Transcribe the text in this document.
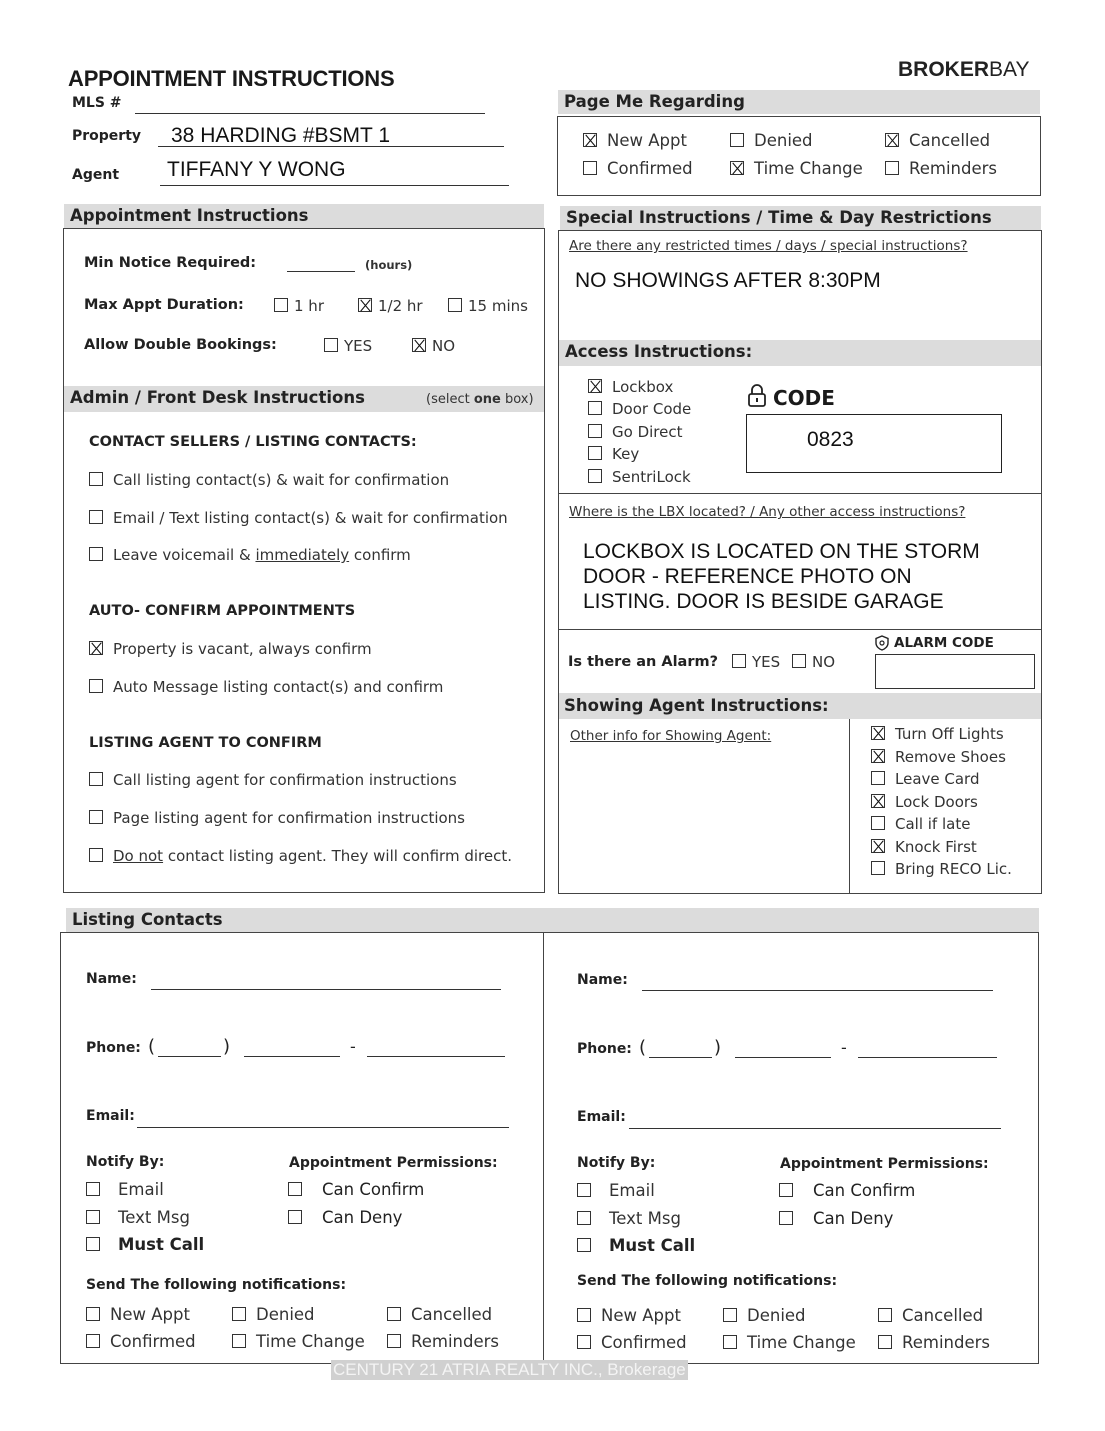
APPOINTMENT INSTRUCTIONS	BROKERBAY
MLS #
Property 38 HARDING #BSMT 1
Agent TIFFANY Y WONG
Page Me Regarding
New Appt	Denied	Cancelled
Confirmed	Time Change	Reminders
Appointment Instructions
Min Notice Required:	(hours)
Max Appt Duration:	1 hr	1/2 hr	15 mins
Allow Double Bookings:	YES	NO
Admin / Front Desk Instructions	(select one box)
CONTACT SELLERS / LISTING CONTACTS:
Call listing contact(s) & wait for confirmation
Email / Text listing contact(s) & wait for confirmation
Leave voicemail & immediately confirm
AUTO- CONFIRM APPOINTMENTS
Property is vacant, always confirm
Auto Message listing contact(s) and confirm
LISTING AGENT TO CONFIRM
Call listing agent for confirmation instructions
Page listing agent for confirmation instructions
Do not contact listing agent. They will confirm direct.
Special Instructions / Time & Day Restrictions
Are there any restricted times / days / special instructions?
NO SHOWINGS AFTER 8:30PM
Access Instructions:
Lockbox
Door Code
Go Direct
Key
SentriLock
CODE
0823
Where is the LBX located? / Any other access instructions?
LOCKBOX IS LOCATED ON THE STORM
DOOR - REFERENCE PHOTO ON
LISTING. DOOR IS BESIDE GARAGE
Is there an Alarm?	YES	NO
ALARM CODE
Showing Agent Instructions:
Other info for Showing Agent:	Turn Off Lights
Remove Shoes
Leave Card
Lock Doors
Call if late
Knock First
Bring RECO Lic.
Listing Contacts
Name:
Phone: (	)	-
Email:
Notify By:
Email
Text Msg
Must Call
Appointment Permissions:
Can Confirm
Can Deny
Send The following notifications:
New Appt	Denied	Cancelled
Confirmed	Time Change	Reminders
Name:
Phone: (	)	-
Email:
Notify By:
Email
Text Msg
Must Call
Appointment Permissions:
Can Confirm
Can Deny
Send The following notifications:
New Appt	Denied	Cancelled
Confirmed	Time Change	Reminders
CENTURY 21 ATRIA REALTY INC., Brokerage
